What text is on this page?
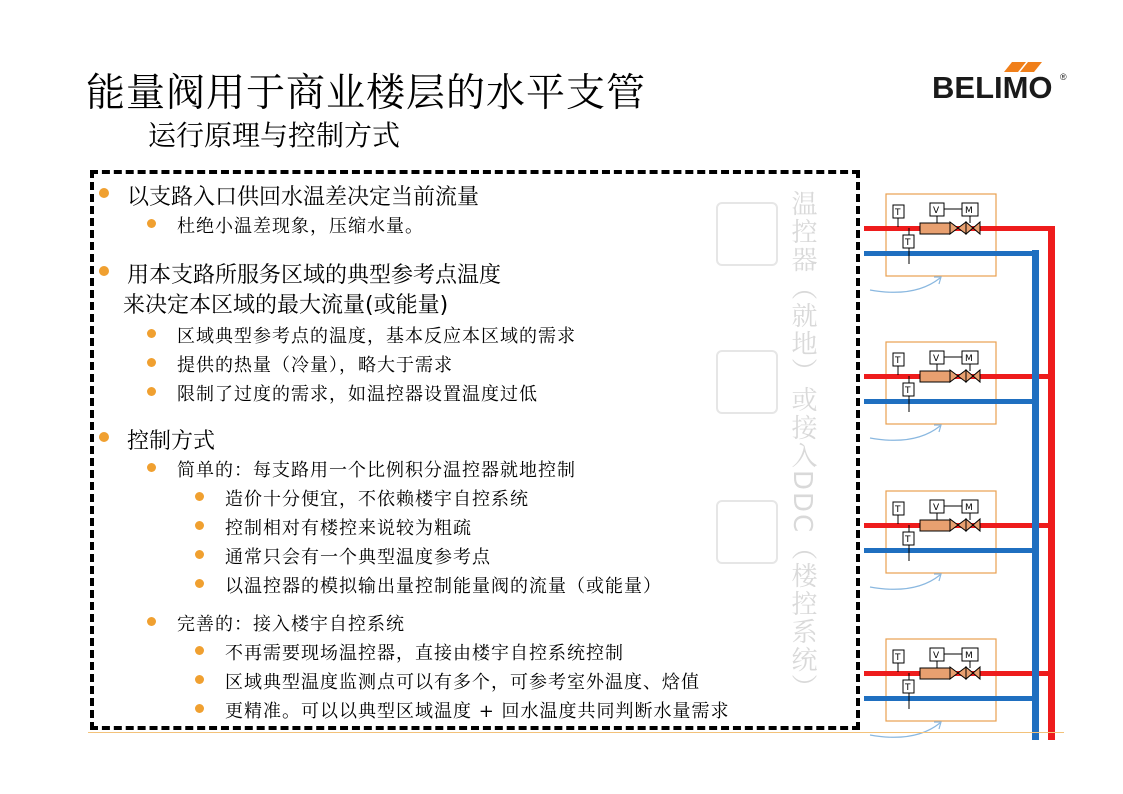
能量阀用于商业楼层的水平支管
运行原理与控制方式
BELIMO ®
温控器（就地）或接入DDC（楼控系统）
以支路入口供回水温差决定当前流量
杜绝小温差现象，压缩水量。
用本支路所服务区域的典型参考点温度
来决定本区域的最大流量(或能量)
区域典型参考点的温度，基本反应本区域的需求
提供的热量（冷量），略大于需求
限制了过度的需求，如温控器设置温度过低
控制方式
简单的：每支路用一个比例积分温控器就地控制
造价十分便宜，不依赖楼宇自控系统
控制相对有楼控来说较为粗疏
通常只会有一个典型温度参考点
以温控器的模拟输出量控制能量阀的流量（或能量）
完善的：接入楼宇自控系统
不再需要现场温控器，直接由楼宇自控系统控制
区域典型温度监测点可以有多个，可参考室外温度、焓值
更精准。可以以典型区域温度 + 回水温度共同判断水量需求
T	V	M
T
T	V	M
T
T	V	M
T
T	V	M
T
